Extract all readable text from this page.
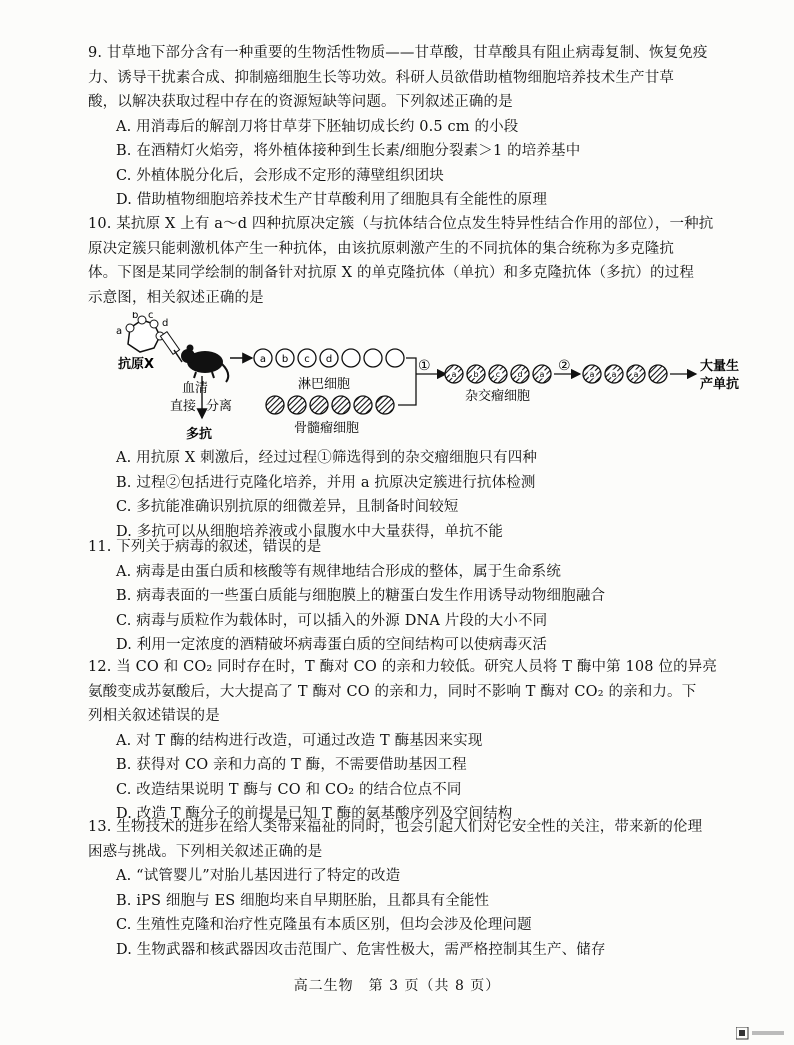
9. 甘草地下部分含有一种重要的生物活性物质——甘草酸，甘草酸具有阻止病毒复制、恢复免疫
力、诱导干扰素合成、抑制癌细胞生长等功效。科研人员欲借助植物细胞培养技术生产甘草
酸，以解决获取过程中存在的资源短缺等问题。下列叙述正确的是
A. 用消毒后的解剖刀将甘草芽下胚轴切成长约 0.5 cm 的小段
B. 在酒精灯火焰旁，将外植体接种到生长素/细胞分裂素＞1 的培养基中
C. 外植体脱分化后，会形成不定形的薄壁组织团块
D. 借助植物细胞培养技术生产甘草酸利用了细胞具有全能性的原理
10. 某抗原 X 上有 a～d 四种抗原决定簇（与抗体结合位点发生特异性结合作用的部位），一种抗
原决定簇只能刺激机体产生一种抗体，由该抗原刺激产生的不同抗体的集合统称为多克隆抗
体。下图是某同学绘制的制备针对抗原 X 的单克隆抗体（单抗）和多克隆抗体（多抗）的过程
示意图，相关叙述正确的是
a
b c
d
抗原X
血清
直接 分离
多抗
a b c d
淋巴细胞
骨髓瘤细胞
①
a b c d a
杂交瘤细胞
②
a a a
大量生
产单抗
A. 用抗原 X 刺激后，经过过程①筛选得到的杂交瘤细胞只有四种
B. 过程②包括进行克隆化培养，并用 a 抗原决定簇进行抗体检测
C. 多抗能准确识别抗原的细微差异，且制备时间较短
D. 多抗可以从细胞培养液或小鼠腹水中大量获得，单抗不能
11. 下列关于病毒的叙述，错误的是
A. 病毒是由蛋白质和核酸等有规律地结合形成的整体，属于生命系统
B. 病毒表面的一些蛋白质能与细胞膜上的糖蛋白发生作用诱导动物细胞融合
C. 病毒与质粒作为载体时，可以插入的外源 DNA 片段的大小不同
D. 利用一定浓度的酒精破坏病毒蛋白质的空间结构可以使病毒灭活
12. 当 CO 和 CO₂ 同时存在时，T 酶对 CO 的亲和力较低。研究人员将 T 酶中第 108 位的异亮
氨酸变成苏氨酸后，大大提高了 T 酶对 CO 的亲和力，同时不影响 T 酶对 CO₂ 的亲和力。下
列相关叙述错误的是
A. 对 T 酶的结构进行改造，可通过改造 T 酶基因来实现
B. 获得对 CO 亲和力高的 T 酶，不需要借助基因工程
C. 改造结果说明 T 酶与 CO 和 CO₂ 的结合位点不同
D. 改造 T 酶分子的前提是已知 T 酶的氨基酸序列及空间结构
13. 生物技术的进步在给人类带来福祉的同时，也会引起人们对它安全性的关注，带来新的伦理
困惑与挑战。下列相关叙述正确的是
A. “试管婴儿”对胎儿基因进行了特定的改造
B. iPS 细胞与 ES 细胞均来自早期胚胎，且都具有全能性
C. 生殖性克隆和治疗性克隆虽有本质区别，但均会涉及伦理问题
D. 生物武器和核武器因攻击范围广、危害性极大，需严格控制其生产、储存
高二生物　第 3 页（共 8 页）
